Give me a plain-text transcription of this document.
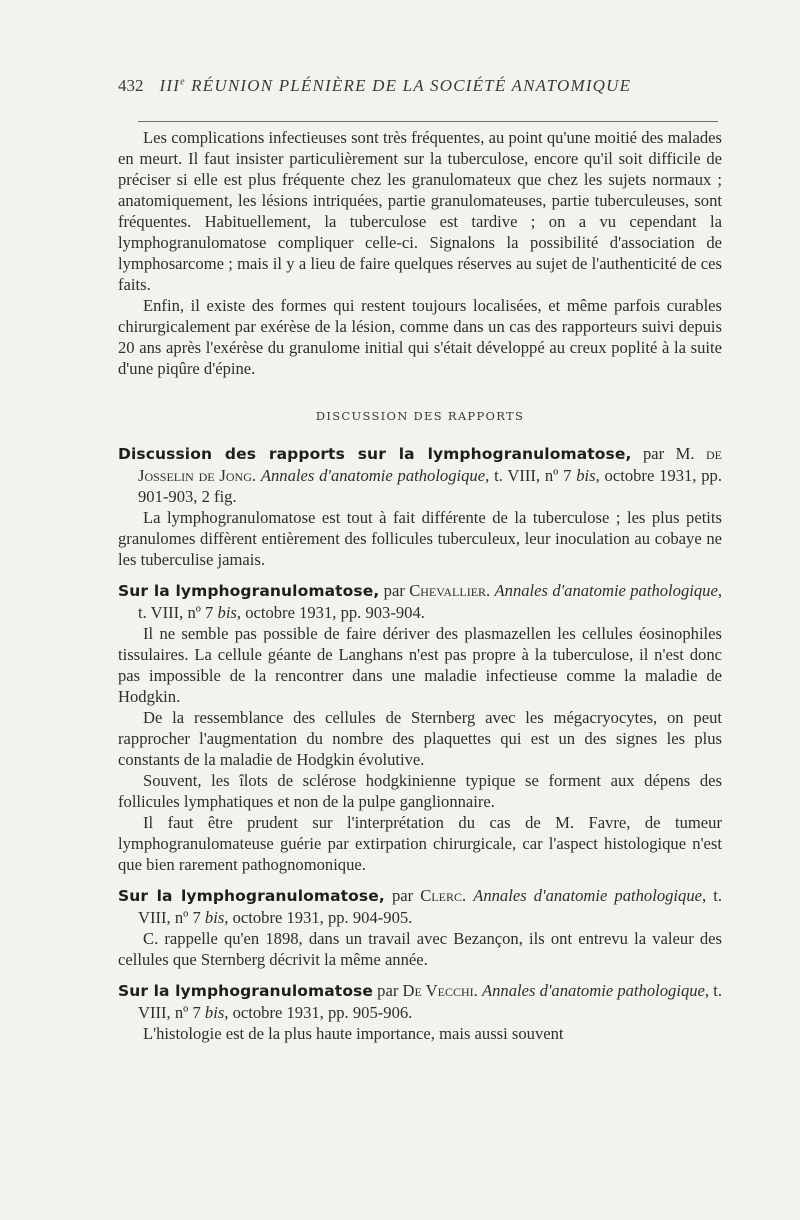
432 IIIe RÉUNION PLÉNIÈRE DE LA SOCIÉTÉ ANATOMIQUE

Les complications infectieuses sont très fréquentes, au point qu'une moitié des malades en meurt. Il faut insister particulièrement sur la tuberculose, encore qu'il soit difficile de préciser si elle est plus fréquente chez les granulomateux que chez les sujets normaux ; anatomiquement, les lésions intriquées, partie granulomateuses, partie tuberculeuses, sont fréquentes. Habituellement, la tuberculose est tardive ; on a vu cependant la lymphogranulomatose compliquer celle-ci. Signalons la possibilité d'association de lymphosarcome ; mais il y a lieu de faire quelques réserves au sujet de l'authenticité de ces faits.

Enfin, il existe des formes qui restent toujours localisées, et même parfois curables chirurgicalement par exérèse de la lésion, comme dans un cas des rapporteurs suivi depuis 20 ans après l'exérèse du granulome initial qui s'était développé au creux poplité à la suite d'une piqûre d'épine.

DISCUSSION DES RAPPORTS

Discussion des rapports sur la lymphogranulomatose, par M. de Josselin de Jong. Annales d'anatomie pathologique, t. VIII, nº 7 bis, octobre 1931, pp. 901-903, 2 fig.

La lymphogranulomatose est tout à fait différente de la tuberculose ; les plus petits granulomes diffèrent entièrement des follicules tuberculeux, leur inoculation au cobaye ne les tuberculise jamais.

Sur la lymphogranulomatose, par Chevallier. Annales d'anatomie pathologique, t. VIII, nº 7 bis, octobre 1931, pp. 903-904.

Il ne semble pas possible de faire dériver des plasmazellen les cellules éosinophiles tissulaires. La cellule géante de Langhans n'est pas propre à la tuberculose, il n'est donc pas impossible de la rencontrer dans une maladie infectieuse comme la maladie de Hodgkin.

De la ressemblance des cellules de Sternberg avec les mégacryocytes, on peut rapprocher l'augmentation du nombre des plaquettes qui est un des signes les plus constants de la maladie de Hodgkin évolutive.

Souvent, les îlots de sclérose hodgkinienne typique se forment aux dépens des follicules lymphatiques et non de la pulpe ganglionnaire.

Il faut être prudent sur l'interprétation du cas de M. Favre, de tumeur lymphogranulomateuse guérie par extirpation chirurgicale, car l'aspect histologique n'est que bien rarement pathognomonique.

Sur la lymphogranulomatose, par Clerc. Annales d'anatomie pathologique, t. VIII, nº 7 bis, octobre 1931, pp. 904-905.

C. rappelle qu'en 1898, dans un travail avec Bezançon, ils ont entrevu la valeur des cellules que Sternberg décrivit la même année.

Sur la lymphogranulomatose par De Vecchi. Annales d'anatomie pathologique, t. VIII, nº 7 bis, octobre 1931, pp. 905-906.

L'histologie est de la plus haute importance, mais aussi souvent
